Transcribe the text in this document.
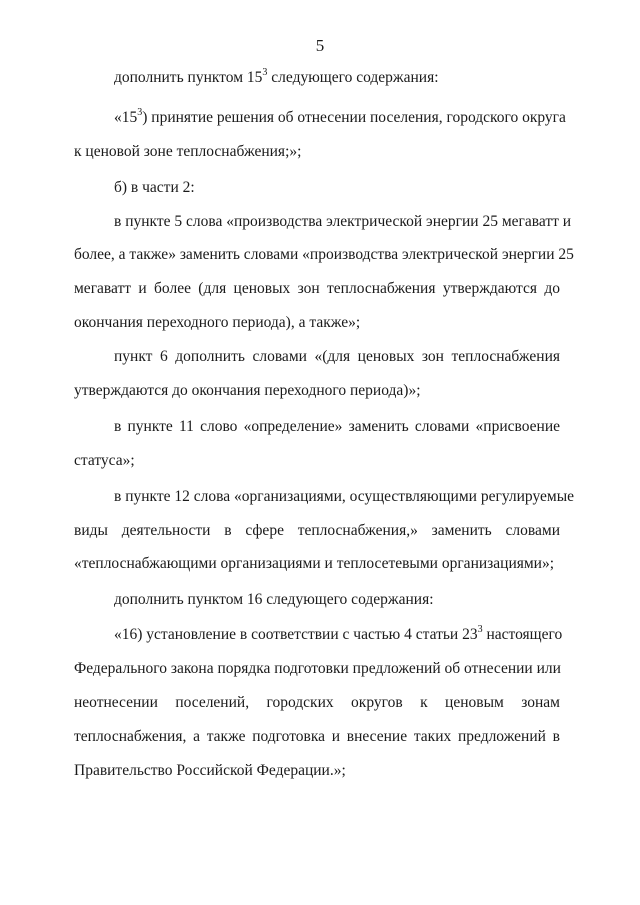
5
дополнить пунктом $15^3$ следующего содержания:
«$15^3$) принятие решения об отнесении поселения, городского округа
к ценовой зоне теплоснабжения;»;
б) в части 2:
в пункте 5 слова «производства электрической энергии 25 мегаватт и
более, а также» заменить словами «производства электрической энергии 25
мегаватт и более (для ценовых зон теплоснабжения утверждаются до
окончания переходного периода), а также»;
пункт 6 дополнить словами «(для ценовых зон теплоснабжения
утверждаются до окончания переходного периода)»;
в пункте 11 слово «определение» заменить словами «присвоение
статуса»;
в пункте 12 слова «организациями, осуществляющими регулируемые
виды деятельности в сфере теплоснабжения,» заменить словами
«теплоснабжающими организациями и теплосетевыми организациями»;
дополнить пунктом 16 следующего содержания:
«16) установление в соответствии с частью 4 статьи $23^3$ настоящего
Федерального закона порядка подготовки предложений об отнесении или
неотнесении поселений, городских округов к ценовым зонам
теплоснабжения, а также подготовка и внесение таких предложений в
Правительство Российской Федерации.»;
